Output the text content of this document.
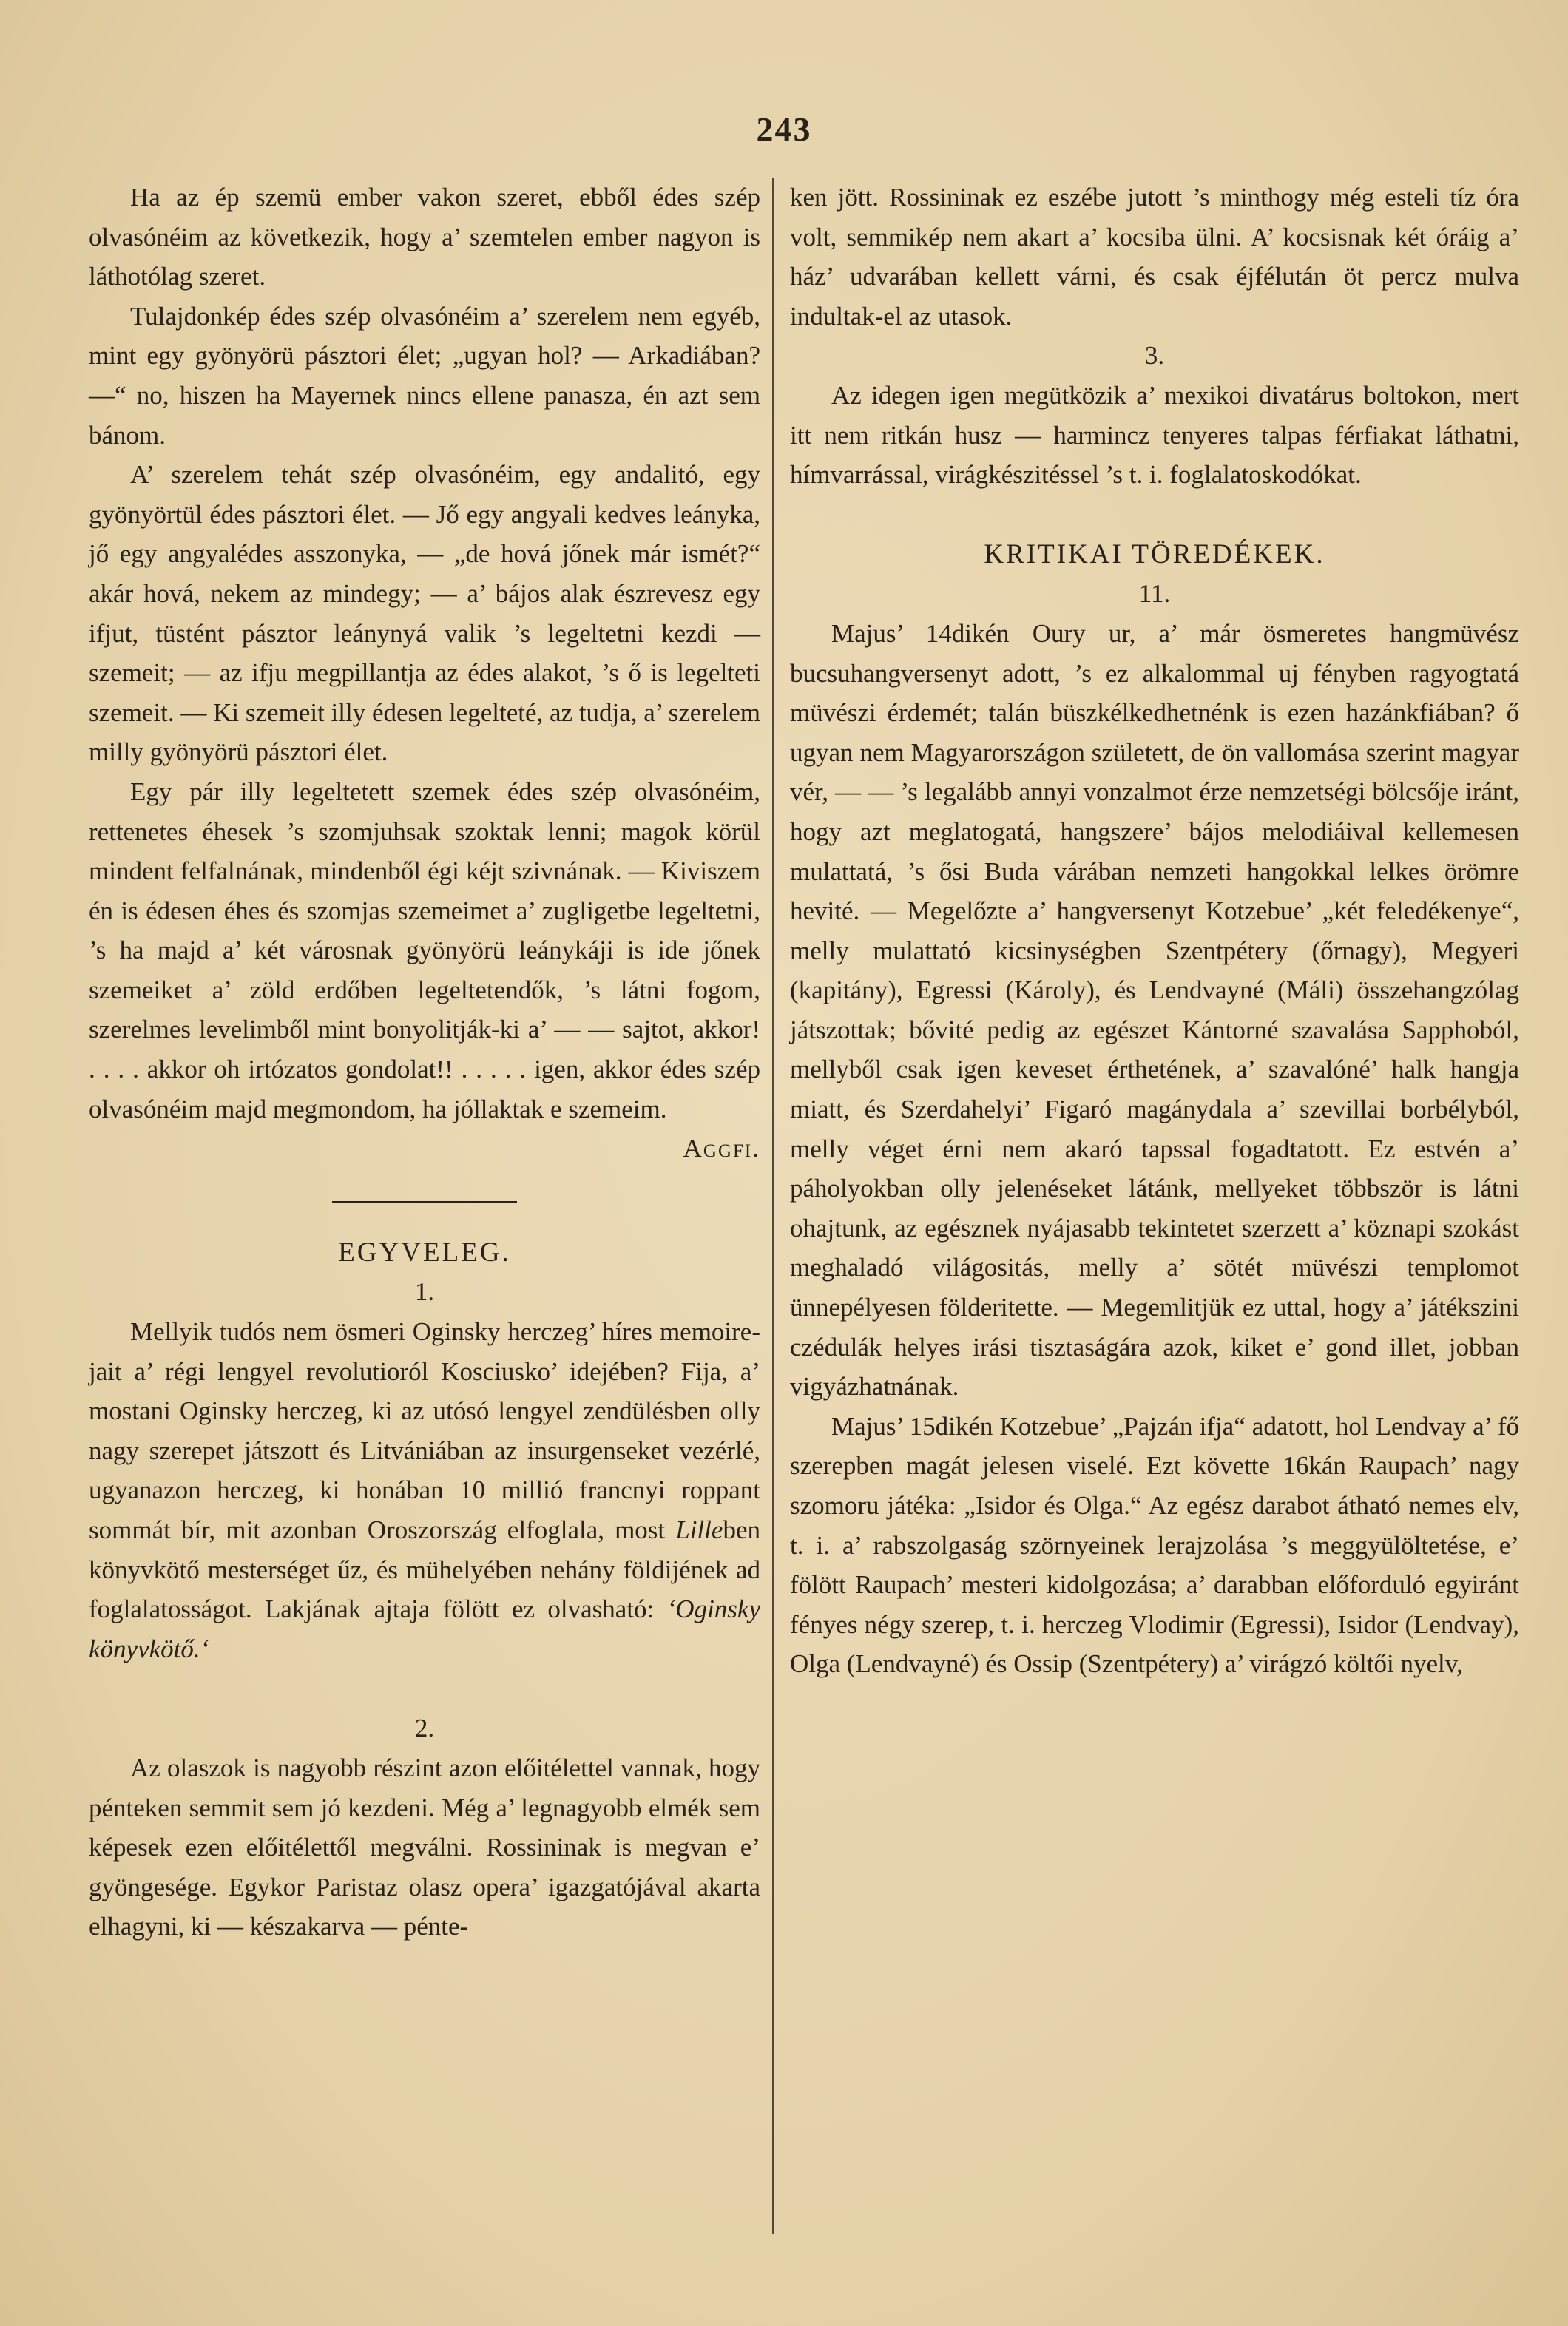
243

Ha az ép szemü ember vakon szeret, ebből édes szép olvasónéim az következik, hogy a’ szemtelen ember nagyon is láthotólag szeret.

Tulajdonkép édes szép olvasónéim a’ szerelem nem egyéb, mint egy gyönyörü pásztori élet; „ugyan hol? — Arkadiában? —“ no, hiszen ha Mayernek nincs ellene panasza, én azt sem bánom.

A’ szerelem tehát szép olvasónéim, egy andalitó, egy gyönyörtül édes pásztori élet. — Jő egy angyali kedves leányka, jő egy angyalédes asszonyka, — „de hová jőnek már ismét?“ akár hová, nekem az mindegy; — a’ bájos alak észrevesz egy ifjut, tüstént pásztor leánynyá valik ’s legeltetni kezdi — szemeit; — az ifju megpillantja az édes alakot, ’s ő is legelteti szemeit. — Ki szemeit illy édesen legelteté, az tudja, a’ szerelem milly gyönyörü pásztori élet.

Egy pár illy legeltetett szemek édes szép olvasónéim, rettenetes éhesek ’s szomjuhsak szoktak lenni; magok körül mindent felfalnának, mindenből égi kéjt szivnának. — Kiviszem én is édesen éhes és szomjas szemeimet a’ zugligetbe legeltetni, ’s ha majd a’ két városnak gyönyörü leánykáji is ide jőnek szemeiket a’ zöld erdőben legeltetendők, ’s látni fogom, szerelmes levelimből mint bonyolitják-ki a’ — — sajtot, akkor! . . . . akkor oh irtózatos gondolat!! . . . . . igen, akkor édes szép olvasónéim majd megmondom, ha jóllaktak e szemeim.
Aggfi.

EGYVELEG.

1.

Mellyik tudós nem ösmeri Oginsky herczeg’ híres memoire-jait a’ régi lengyel revolutioról Kosciusko’ idejében? Fija, a’ mostani Oginsky herczeg, ki az utósó lengyel zendülésben olly nagy szerepet játszott és Litvániában az insurgenseket vezérlé, ugyanazon herczeg, ki honában 10 millió francnyi roppant sommát bír, mit azonban Oroszország elfoglala, most Lilleben könyvkötő mesterséget űz, és mühelyében nehány földijének ad foglalatosságot. Lakjának ajtaja fölött ez olvasható: ‘Oginsky könyvkötő.‘

2.

Az olaszok is nagyobb részint azon előitélettel vannak, hogy pénteken semmit sem jó kezdeni. Még a’ legnagyobb elmék sem képesek ezen előitélettől megválni. Rossininak is megvan e’ gyöngesége. Egykor Paristaz olasz opera’ igazgatójával akarta elhagyni, ki — készakarva — pénte-

ken jött. Rossininak ez eszébe jutott ’s minthogy még esteli tíz óra volt, semmikép nem akart a’ kocsiba ülni. A’ kocsisnak két óráig a’ ház’ udvarában kellett várni, és csak éjfélután öt percz mulva indultak-el az utasok.

3.

Az idegen igen megütközik a’ mexikoi divatárus boltokon, mert itt nem ritkán husz — harmincz tenyeres talpas férfiakat láthatni, hímvarrással, virágkészitéssel ’s t. i. foglalatoskodókat.

KRITIKAI TÖREDÉKEK.

11.

Majus’ 14dikén Oury ur, a’ már ösmeretes hangmüvész bucsuhangversenyt adott, ’s ez alkalommal uj fényben ragyogtatá müvészi érdemét; talán büszkélkedhetnénk is ezen hazánkfiában? ő ugyan nem Magyarországon született, de ön vallomása szerint magyar vér, — — ’s legalább annyi vonzalmot érze nemzetségi bölcsője iránt, hogy azt meglatogatá, hangszere’ bájos melodiáival kellemesen mulattatá, ’s ősi Buda várában nemzeti hangokkal lelkes örömre hevité. — Megelőzte a’ hangversenyt Kotzebue’ „két feledékenye“, melly mulattató kicsinységben Szentpétery (őrnagy), Megyeri (kapitány), Egressi (Károly), és Lendvayné (Máli) összehangzólag játszottak; bővité pedig az egészet Kántorné szavalása Sapphoból, mellyből csak igen keveset érthetének, a’ szavalóné’ halk hangja miatt, és Szerdahelyi’ Figaró magánydala a’ szevillai borbélyból, melly véget érni nem akaró tapssal fogadtatott. Ez estvén a’ páholyokban olly jelenéseket látánk, mellyeket többször is látni ohajtunk, az egésznek nyájasabb tekintetet szerzett a’ köznapi szokást meghaladó világositás, melly a’ sötét müvészi templomot ünnepélyesen földeritette. — Megemlitjük ez uttal, hogy a’ játékszini czédulák helyes irási tisztaságára azok, kiket e’ gond illet, jobban vigyázhatnának.

Majus’ 15dikén Kotzebue’ „Pajzán ifja“ adatott, hol Lendvay a’ fő szerepben magát jelesen viselé. Ezt követte 16kán Raupach’ nagy szomoru játéka: „Isidor és Olga.“ Az egész darabot átható nemes elv, t. i. a’ rabszolgaság szörnyeinek lerajzolása ’s meggyülöltetése, e’ fölött Raupach’ mesteri kidolgozása; a’ darabban előforduló egyiránt fényes négy szerep, t. i. herczeg Vlodimir (Egressi), Isidor (Lendvay), Olga (Lendvayné) és Ossip (Szentpétery) a’ virágzó költői nyelv,
